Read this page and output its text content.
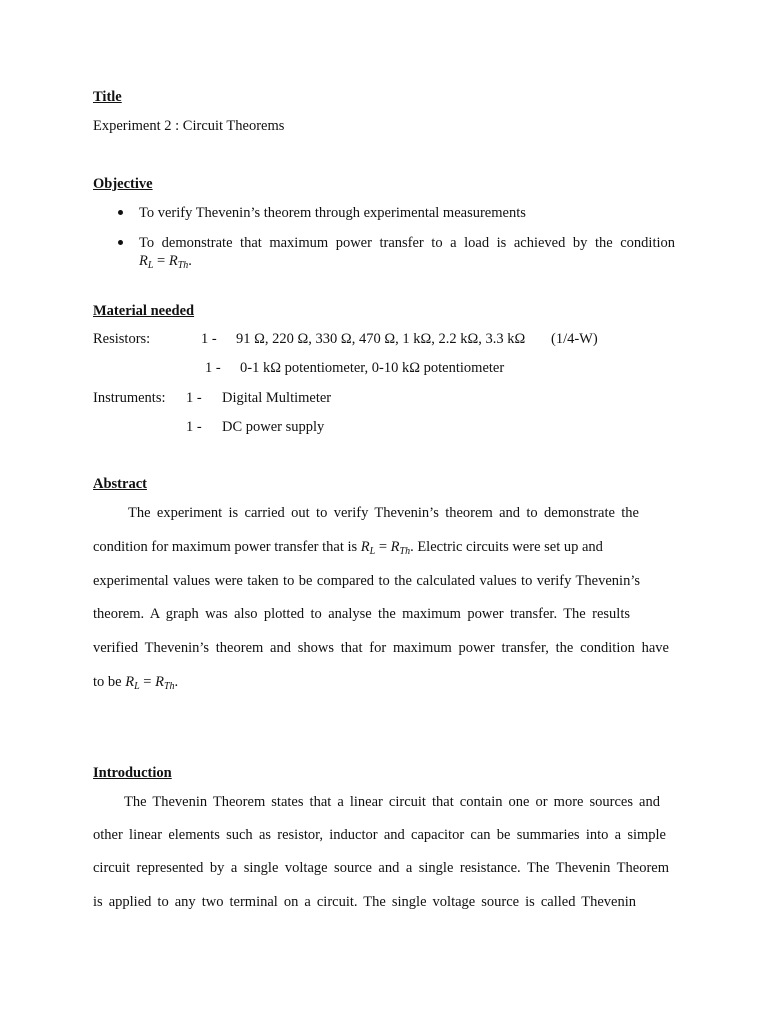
Title
Experiment 2 : Circuit Theorems
Objective
To verify Thevenin’s theorem through experimental measurements
To demonstrate that maximum power transfer to a load is achieved by the condition
$R_L = R_{Th}$.
Material needed
Resistors:	1 - 91 Ω, 220 Ω, 330 Ω, 470 Ω, 1 kΩ, 2.2 kΩ, 3.3 kΩ (1/4-W)
1 - 0-1 kΩ potentiometer, 0-10 kΩ potentiometer
Instruments: 1 - Digital Multimeter
1 - DC power supply
Abstract
The experiment is carried out to verify Thevenin’s theorem and to demonstrate the
condition for maximum power transfer that is $R_L = R_{Th}$. Electric circuits were set up and
experimental values were taken to be compared to the calculated values to verify Thevenin’s
theorem. A graph was also plotted to analyse the maximum power transfer. The results
verified Thevenin’s theorem and shows that for maximum power transfer, the condition have
to be $R_L = R_{Th}$.
Introduction
The Thevenin Theorem states that a linear circuit that contain one or more sources and
other linear elements such as resistor, inductor and capacitor can be summaries into a simple
circuit represented by a single voltage source and a single resistance. The Thevenin Theorem
is applied to any two terminal on a circuit. The single voltage source is called Thevenin
